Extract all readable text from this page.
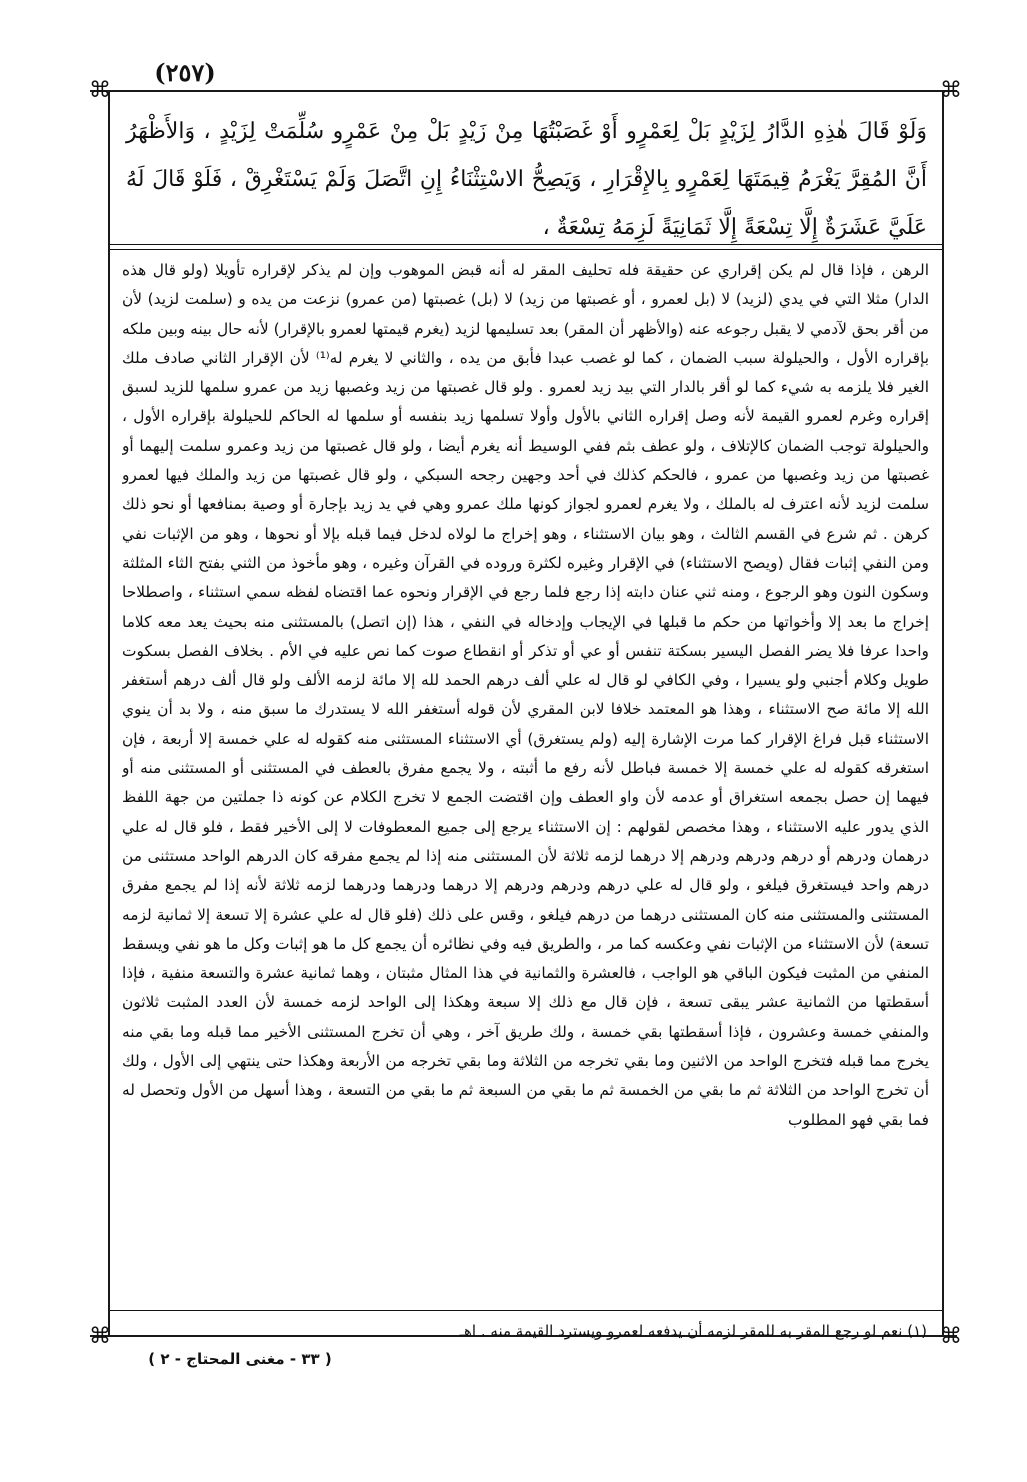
(٢٥٧)
⌘	⌘
⌘	⌘
وَلَوْ قَالَ هٰذِهِ الدَّارُ لِزَيْدٍ بَلْ لِعَمْرٍو أَوْ غَصَبْتُهَا مِنْ زَيْدٍ بَلْ مِنْ عَمْرٍو سُلِّمَتْ لِزَيْدٍ ، وَالأَظْهَرُ أَنَّ المُقِرَّ يَغْرَمُ قِيمَتَهَا لِعَمْرٍو بِالإِقْرَارِ ، وَيَصِحُّ الاسْتِثْنَاءُ إِنِ اتَّصَلَ وَلَمْ يَسْتَغْرِقْ ، فَلَوْ قَالَ لَهُ عَلَيَّ عَشَرَةٌ إِلَّا تِسْعَةً إِلَّا ثَمَانِيَةً لَزِمَهُ تِسْعَةٌ ،

الرهن ، فإذا قال لم يكن إقراري عن حقيقة فله تحليف المقر له أنه قبض الموهوب وإن لم يذكر لإقراره تأويلا (ولو قال هذه الدار) مثلا التي في يدي (لزيد) لا (بل لعمرو ، أو غصبتها من زيد) لا (بل) غصبتها (من عمرو) نزعت من يده و (سلمت لزيد) لأن من أقر بحق لآدمي لا يقبل رجوعه عنه (والأظهر أن المقر) بعد تسليمها لزيد (يغرم قيمتها لعمرو بالإقرار) لأنه حال بينه وبين ملكه بإقراره الأول ، والحيلولة سبب الضمان ، كما لو غصب عبدا فأبق من يده ، والثاني لا يغرم له⁽¹⁾ لأن الإقرار الثاني صادف ملك الغير فلا يلزمه به شيء كما لو أقر بالدار التي بيد زيد لعمرو . ولو قال غصبتها من زيد وغصبها زيد من عمرو سلمها للزيد لسبق إقراره وغرم لعمرو القيمة لأنه وصل إقراره الثاني بالأول وأولا تسلمها زيد بنفسه أو سلمها له الحاكم للحيلولة بإقراره الأول ، والحيلولة توجب الضمان كالإتلاف ، ولو عطف بثم ففي الوسيط أنه يغرم أيضا ، ولو قال غصبتها من زيد وعمرو سلمت إليهما أو غصبتها من زيد وغصبها من عمرو ، فالحكم كذلك في أحد وجهين رجحه السبكي ، ولو قال غصبتها من زيد والملك فيها لعمرو سلمت لزيد لأنه اعترف له بالملك ، ولا يغرم لعمرو لجواز كونها ملك عمرو وهي في يد زيد بإجارة أو وصية بمنافعها أو نحو ذلك كرهن . ثم شرع في القسم الثالث ، وهو بيان الاستثناء ، وهو إخراج ما لولاه لدخل فيما قبله بإلا أو نحوها ، وهو من الإثبات نفي ومن النفي إثبات فقال (ويصح الاستثناء) في الإقرار وغيره لكثرة وروده في القرآن وغيره ، وهو مأخوذ من الثني بفتح الثاء المثلثة وسكون النون وهو الرجوع ، ومنه ثني عنان دابته إذا رجع فلما رجع في الإقرار ونحوه عما اقتضاه لفظه سمي استثناء ، واصطلاحا إخراج ما بعد إلا وأخواتها من حكم ما قبلها في الإيجاب وإدخاله في النفي ، هذا (إن اتصل) بالمستثنى منه بحيث يعد معه كلاما واحدا عرفا فلا يضر الفصل اليسير بسكتة تنفس أو عي أو تذكر أو انقطاع صوت كما نص عليه في الأم . بخلاف الفصل بسكوت طويل وكلام أجنبي ولو يسيرا ، وفي الكافي لو قال له علي ألف درهم الحمد لله إلا مائة لزمه الألف ولو قال ألف درهم أستغفر الله إلا مائة صح الاستثناء ، وهذا هو المعتمد خلافا لابن المقري لأن قوله أستغفر الله لا يستدرك ما سبق منه ، ولا بد أن ينوي الاستثناء قبل فراغ الإقرار كما مرت الإشارة إليه (ولم يستغرق) أي الاستثناء المستثنى منه كقوله له علي خمسة إلا أربعة ، فإن استغرقه كقوله له علي خمسة إلا خمسة فباطل لأنه رفع ما أثبته ، ولا يجمع مفرق بالعطف في المستثنى أو المستثنى منه أو فيهما إن حصل بجمعه استغراق أو عدمه لأن واو العطف وإن اقتضت الجمع لا تخرج الكلام عن كونه ذا جملتين من جهة اللفظ الذي يدور عليه الاستثناء ، وهذا مخصص لقولهم : إن الاستثناء يرجع إلى جميع المعطوفات لا إلى الأخير فقط ، فلو قال له علي درهمان ودرهم أو درهم ودرهم ودرهم إلا درهما لزمه ثلاثة لأن المستثنى منه إذا لم يجمع مفرقه كان الدرهم الواحد مستثنى من درهم واحد فيستغرق فيلغو ، ولو قال له علي درهم ودرهم ودرهم إلا درهما ودرهما ودرهما لزمه ثلاثة لأنه إذا لم يجمع مفرق المستثنى والمستثنى منه كان المستثنى درهما من درهم فيلغو ، وقس على ذلك (فلو قال له علي عشرة إلا تسعة إلا ثمانية لزمه تسعة) لأن الاستثناء من الإثبات نفي وعكسه كما مر ، والطريق فيه وفي نظائره أن يجمع كل ما هو إثبات وكل ما هو نفي ويسقط المنفي من المثبت فيكون الباقي هو الواجب ، فالعشرة والثمانية في هذا المثال مثبتان ، وهما ثمانية عشرة والتسعة منفية ، فإذا أسقطتها من الثمانية عشر يبقى تسعة ، فإن قال مع ذلك إلا سبعة وهكذا إلى الواحد لزمه خمسة لأن العدد المثبت ثلاثون والمنفي خمسة وعشرون ، فإذا أسقطتها بقي خمسة ، ولك طريق آخر ، وهي أن تخرج المستثنى الأخير مما قبله وما بقي منه يخرج مما قبله فتخرج الواحد من الاثنين وما بقي تخرجه من الثلاثة وما بقي تخرجه من الأربعة وهكذا حتى ينتهي إلى الأول ، ولك أن تخرج الواحد من الثلاثة ثم ما بقي من الخمسة ثم ما بقي من السبعة ثم ما بقي من التسعة ، وهذا أسهل من الأول وتحصل له فما بقي فهو المطلوب

(١) نعم لو رجع المقر به للمقر لزمه أن يدفعه لعمرو ويسترد القيمة منه . اهـ
( ٣٣ - مغنى المحتاج - ٢ )
